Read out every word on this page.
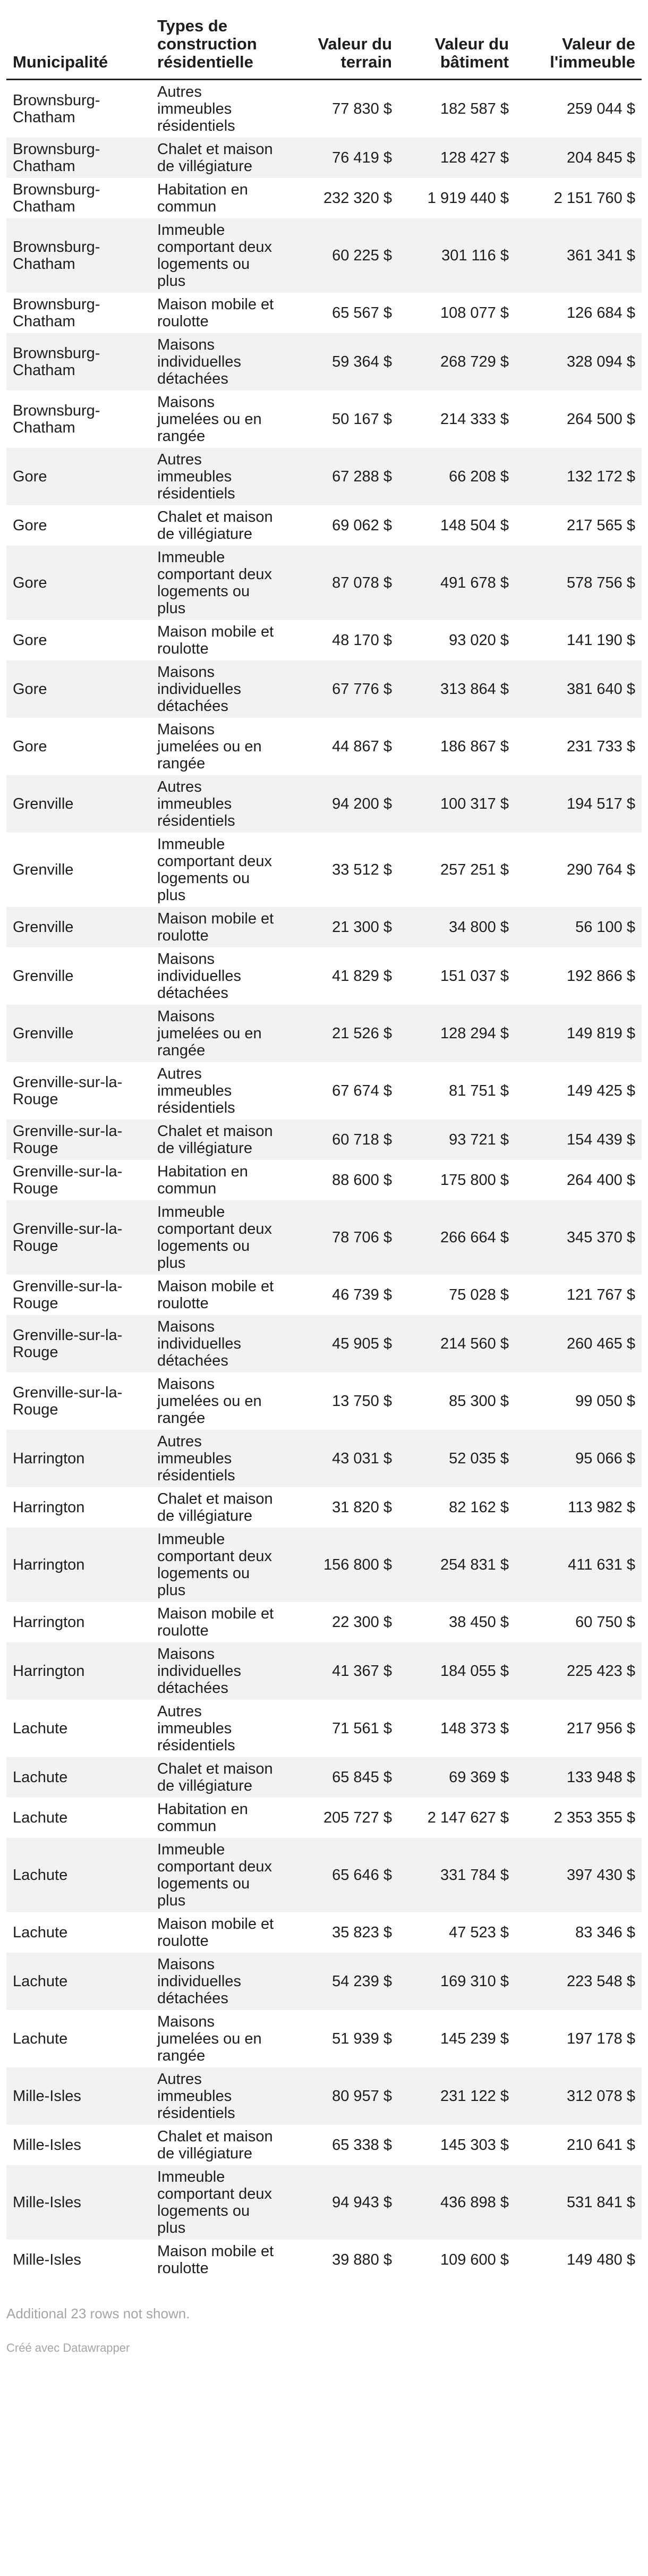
Municipalité	Types de construction résidentielle	Valeur du terrain	Valeur du bâtiment	Valeur de l'immeuble
Brownsburg-Chatham	Autres immeubles résidentiels	77 830 $	182 587 $	259 044 $
Brownsburg-Chatham	Chalet et maison de villégiature	76 419 $	128 427 $	204 845 $
Brownsburg-Chatham	Habitation en commun	232 320 $	1 919 440 $	2 151 760 $
Brownsburg-Chatham	Immeuble comportant deux logements ou plus	60 225 $	301 116 $	361 341 $
Brownsburg-Chatham	Maison mobile et roulotte	65 567 $	108 077 $	126 684 $
Brownsburg-Chatham	Maisons individuelles détachées	59 364 $	268 729 $	328 094 $
Brownsburg-Chatham	Maisons jumelées ou en rangée	50 167 $	214 333 $	264 500 $
Gore	Autres immeubles résidentiels	67 288 $	66 208 $	132 172 $
Gore	Chalet et maison de villégiature	69 062 $	148 504 $	217 565 $
Gore	Immeuble comportant deux logements ou plus	87 078 $	491 678 $	578 756 $
Gore	Maison mobile et roulotte	48 170 $	93 020 $	141 190 $
Gore	Maisons individuelles détachées	67 776 $	313 864 $	381 640 $
Gore	Maisons jumelées ou en rangée	44 867 $	186 867 $	231 733 $
Grenville	Autres immeubles résidentiels	94 200 $	100 317 $	194 517 $
Grenville	Immeuble comportant deux logements ou plus	33 512 $	257 251 $	290 764 $
Grenville	Maison mobile et roulotte	21 300 $	34 800 $	56 100 $
Grenville	Maisons individuelles détachées	41 829 $	151 037 $	192 866 $
Grenville	Maisons jumelées ou en rangée	21 526 $	128 294 $	149 819 $
Grenville-sur-la-Rouge	Autres immeubles résidentiels	67 674 $	81 751 $	149 425 $
Grenville-sur-la-Rouge	Chalet et maison de villégiature	60 718 $	93 721 $	154 439 $
Grenville-sur-la-Rouge	Habitation en commun	88 600 $	175 800 $	264 400 $
Grenville-sur-la-Rouge	Immeuble comportant deux logements ou plus	78 706 $	266 664 $	345 370 $
Grenville-sur-la-Rouge	Maison mobile et roulotte	46 739 $	75 028 $	121 767 $
Grenville-sur-la-Rouge	Maisons individuelles détachées	45 905 $	214 560 $	260 465 $
Grenville-sur-la-Rouge	Maisons jumelées ou en rangée	13 750 $	85 300 $	99 050 $
Harrington	Autres immeubles résidentiels	43 031 $	52 035 $	95 066 $
Harrington	Chalet et maison de villégiature	31 820 $	82 162 $	113 982 $
Harrington	Immeuble comportant deux logements ou plus	156 800 $	254 831 $	411 631 $
Harrington	Maison mobile et roulotte	22 300 $	38 450 $	60 750 $
Harrington	Maisons individuelles détachées	41 367 $	184 055 $	225 423 $
Lachute	Autres immeubles résidentiels	71 561 $	148 373 $	217 956 $
Lachute	Chalet et maison de villégiature	65 845 $	69 369 $	133 948 $
Lachute	Habitation en commun	205 727 $	2 147 627 $	2 353 355 $
Lachute	Immeuble comportant deux logements ou plus	65 646 $	331 784 $	397 430 $
Lachute	Maison mobile et roulotte	35 823 $	47 523 $	83 346 $
Lachute	Maisons individuelles détachées	54 239 $	169 310 $	223 548 $
Lachute	Maisons jumelées ou en rangée	51 939 $	145 239 $	197 178 $
Mille-Isles	Autres immeubles résidentiels	80 957 $	231 122 $	312 078 $
Mille-Isles	Chalet et maison de villégiature	65 338 $	145 303 $	210 641 $
Mille-Isles	Immeuble comportant deux logements ou plus	94 943 $	436 898 $	531 841 $
Mille-Isles	Maison mobile et roulotte	39 880 $	109 600 $	149 480 $
Additional 23 rows not shown.
Créé avec Datawrapper
